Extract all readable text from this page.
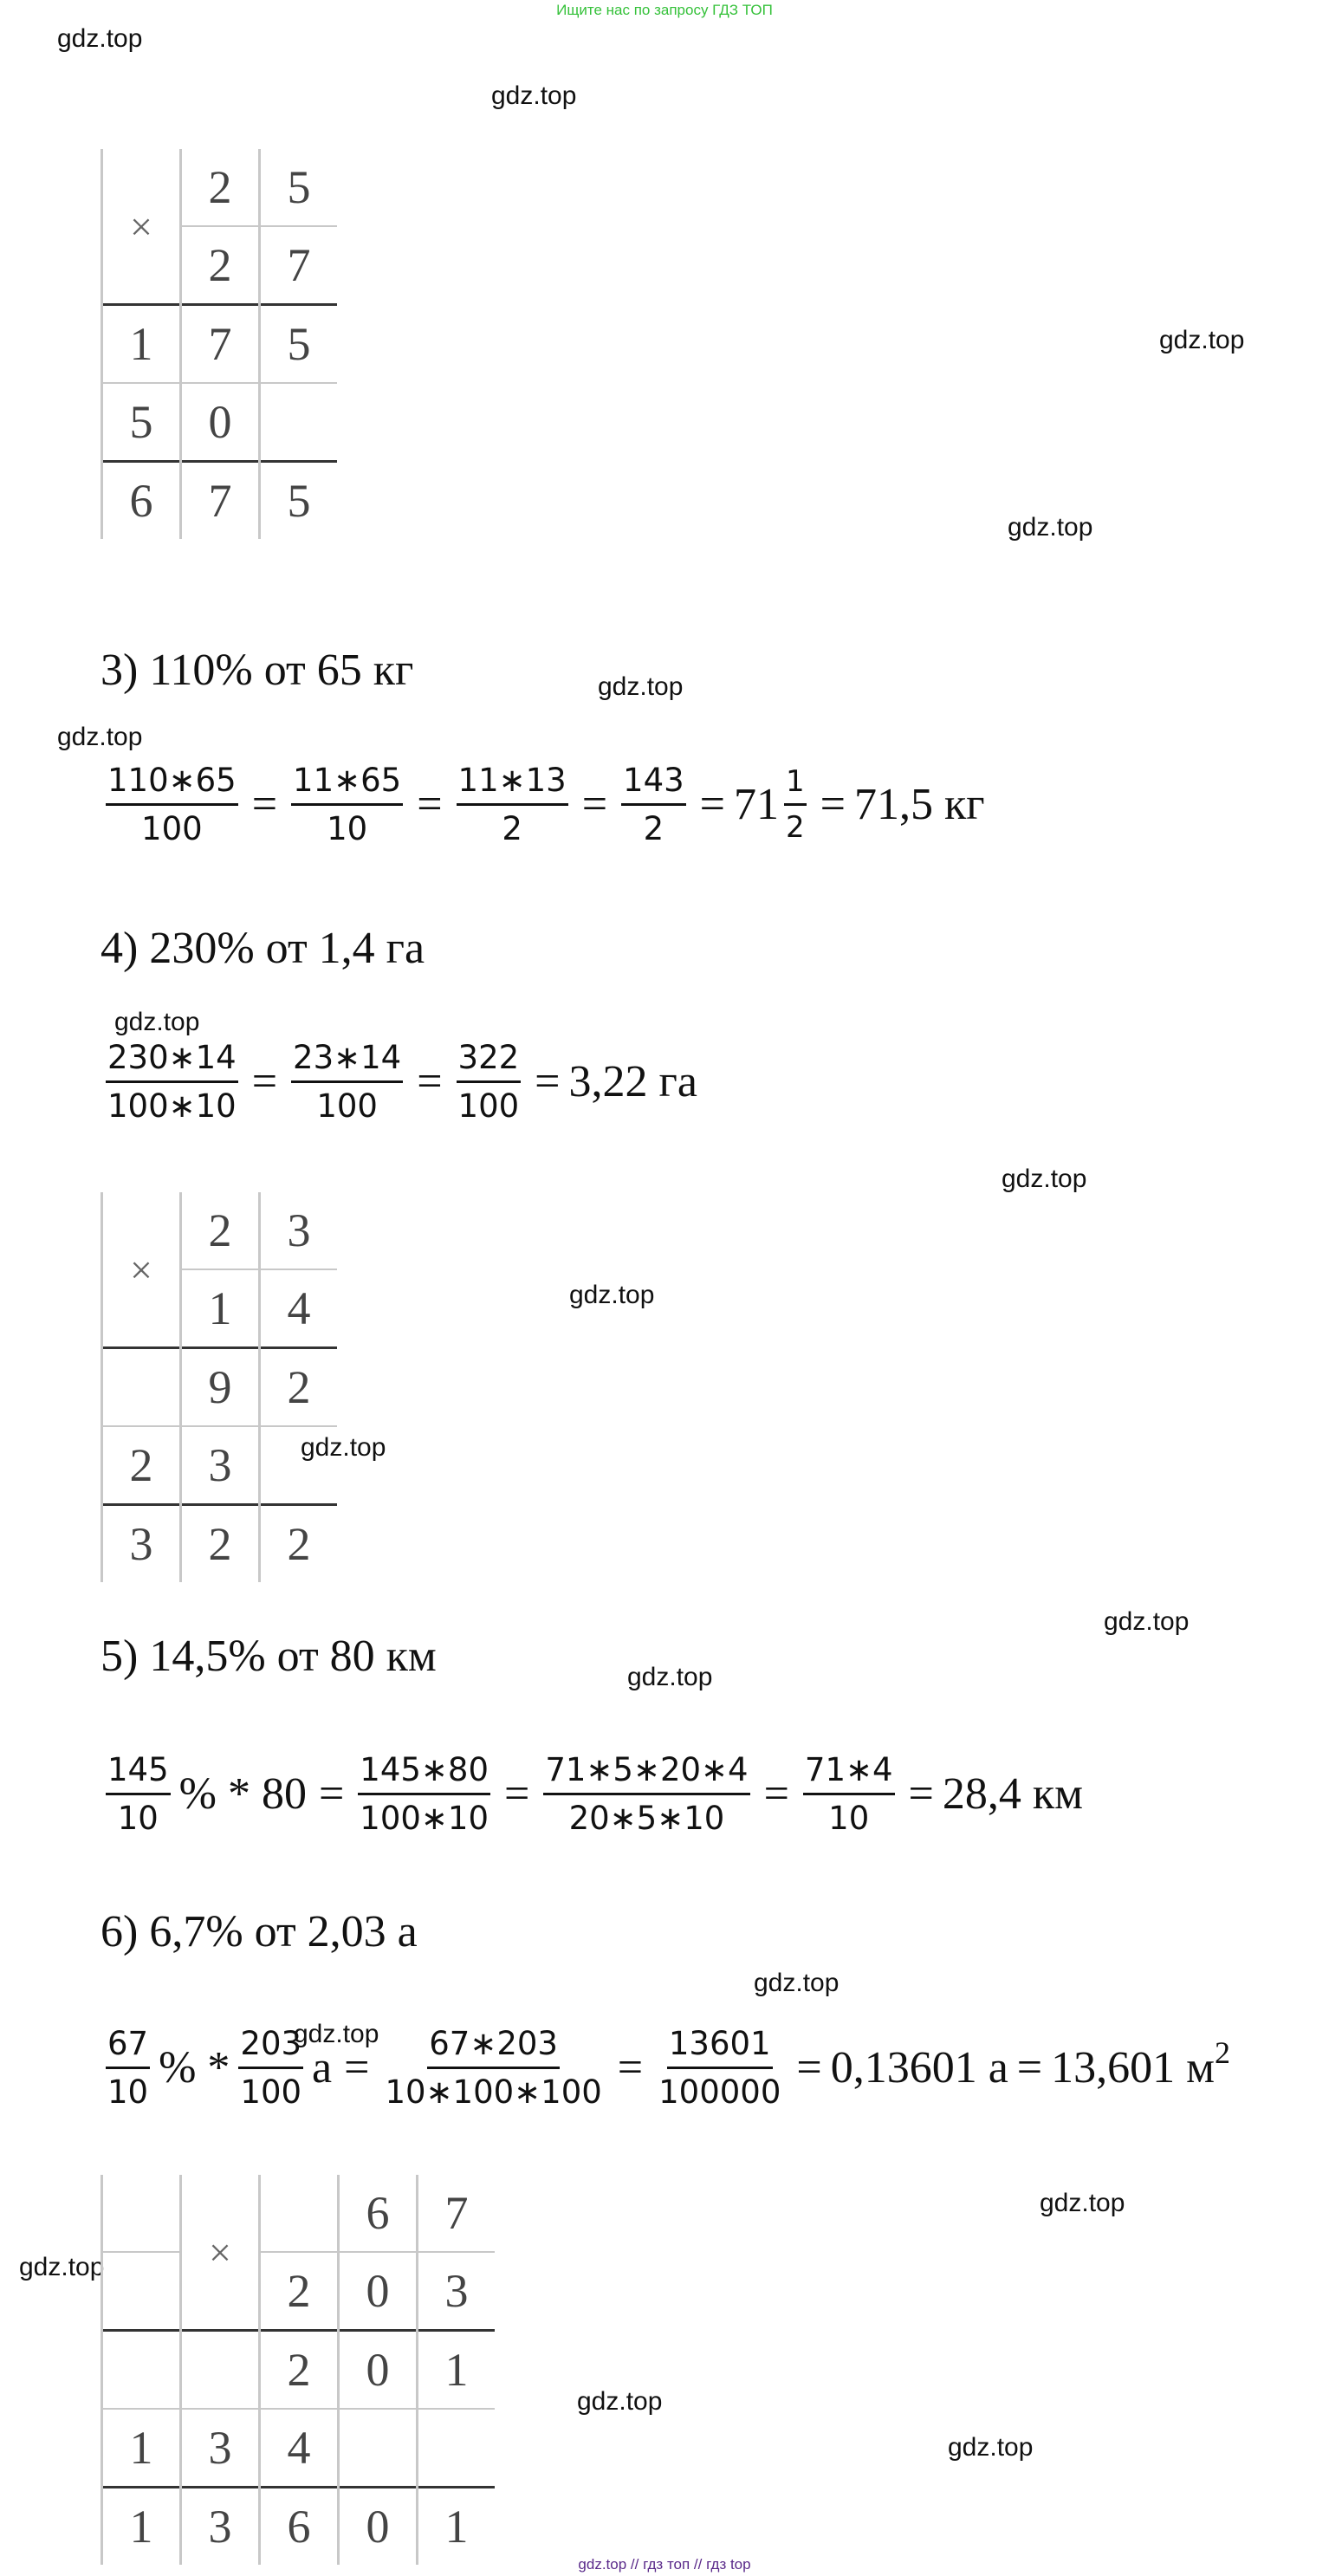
Ищите нас по запросу ГДЗ ТОП
gdz.top
gdz.top
gdz.top
gdz.top
gdz.top
gdz.top
gdz.top
gdz.top
gdz.top
gdz.top
gdz.top
gdz.top
gdz.top
gdz.top
gdz.top
gdz.top
gdz.top
gdz.top
×	2	5
	2	7
1	7	5
5	0	
6	7	5
3) 110% от 65 кг
$\frac{110∗65}{100} = \frac{11∗65}{10} = \frac{11∗13}{2} = \frac{143}{2} = 71 \frac{1}{2} = 71,5$ кг
4) 230% от 1,4 га
$\frac{230∗14}{100∗10} = \frac{23∗14}{100} = \frac{322}{100} = 3,22$ га
×	2	3
	1	4
	9	2
2	3	
3	2	2
5) 14,5% от 80 км
$\frac{145}{10}$ % * $80 = \frac{145∗80}{100∗10} = \frac{71∗5∗20∗4}{20∗5∗10} = \frac{71∗4}{10} = 28,4$ км
6) 6,7% от 2,03 а
$\frac{67}{10}$ % * $\frac{203}{100}$ $а = \frac{67∗203}{10∗100∗100} = \frac{13601}{100000} = 0,13601$ а = 13,601 м 2
	×		6	7
		2	0	3
		2	0	1
1	3	4		
1	3	6	0	1
gdz.top // гдз топ // гдз top
